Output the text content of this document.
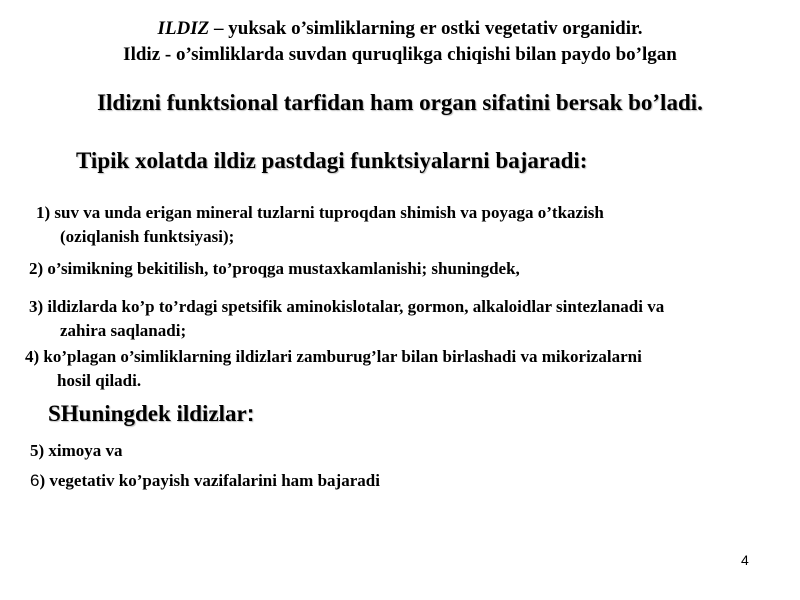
ILDIZ – yuksak o’simliklarning er ostki vegetativ organidir.

Ildiz - o’simliklarda suvdan quruqlikga chiqishi bilan paydo bo’lgan

Ildizni funktsional tarfidan ham organ sifatini bersak bo’ladi.

Tipik xolatda ildiz pastdagi funktsiyalarni bajaradi:

1) suv va unda erigan mineral tuzlarni tuproqdan shimish va poyaga o’tkazish

(oziqlanish funktsiyasi);

2) o’simikning bekitilish, to’proqga mustaxkamlanishi; shuningdek,

3) ildizlarda ko’p to’rdagi spetsifik aminokislotalar, gormon, alkaloidlar sintezlanadi va

zahira saqlanadi;

4) ko’plagan o’simliklarning ildizlari zamburug’lar bilan birlashadi va mikorizalarni

hosil qiladi.

SHuningdek ildizlar:

5) ximoya va

6) vegetativ ko’payish vazifalarini ham bajaradi

4
